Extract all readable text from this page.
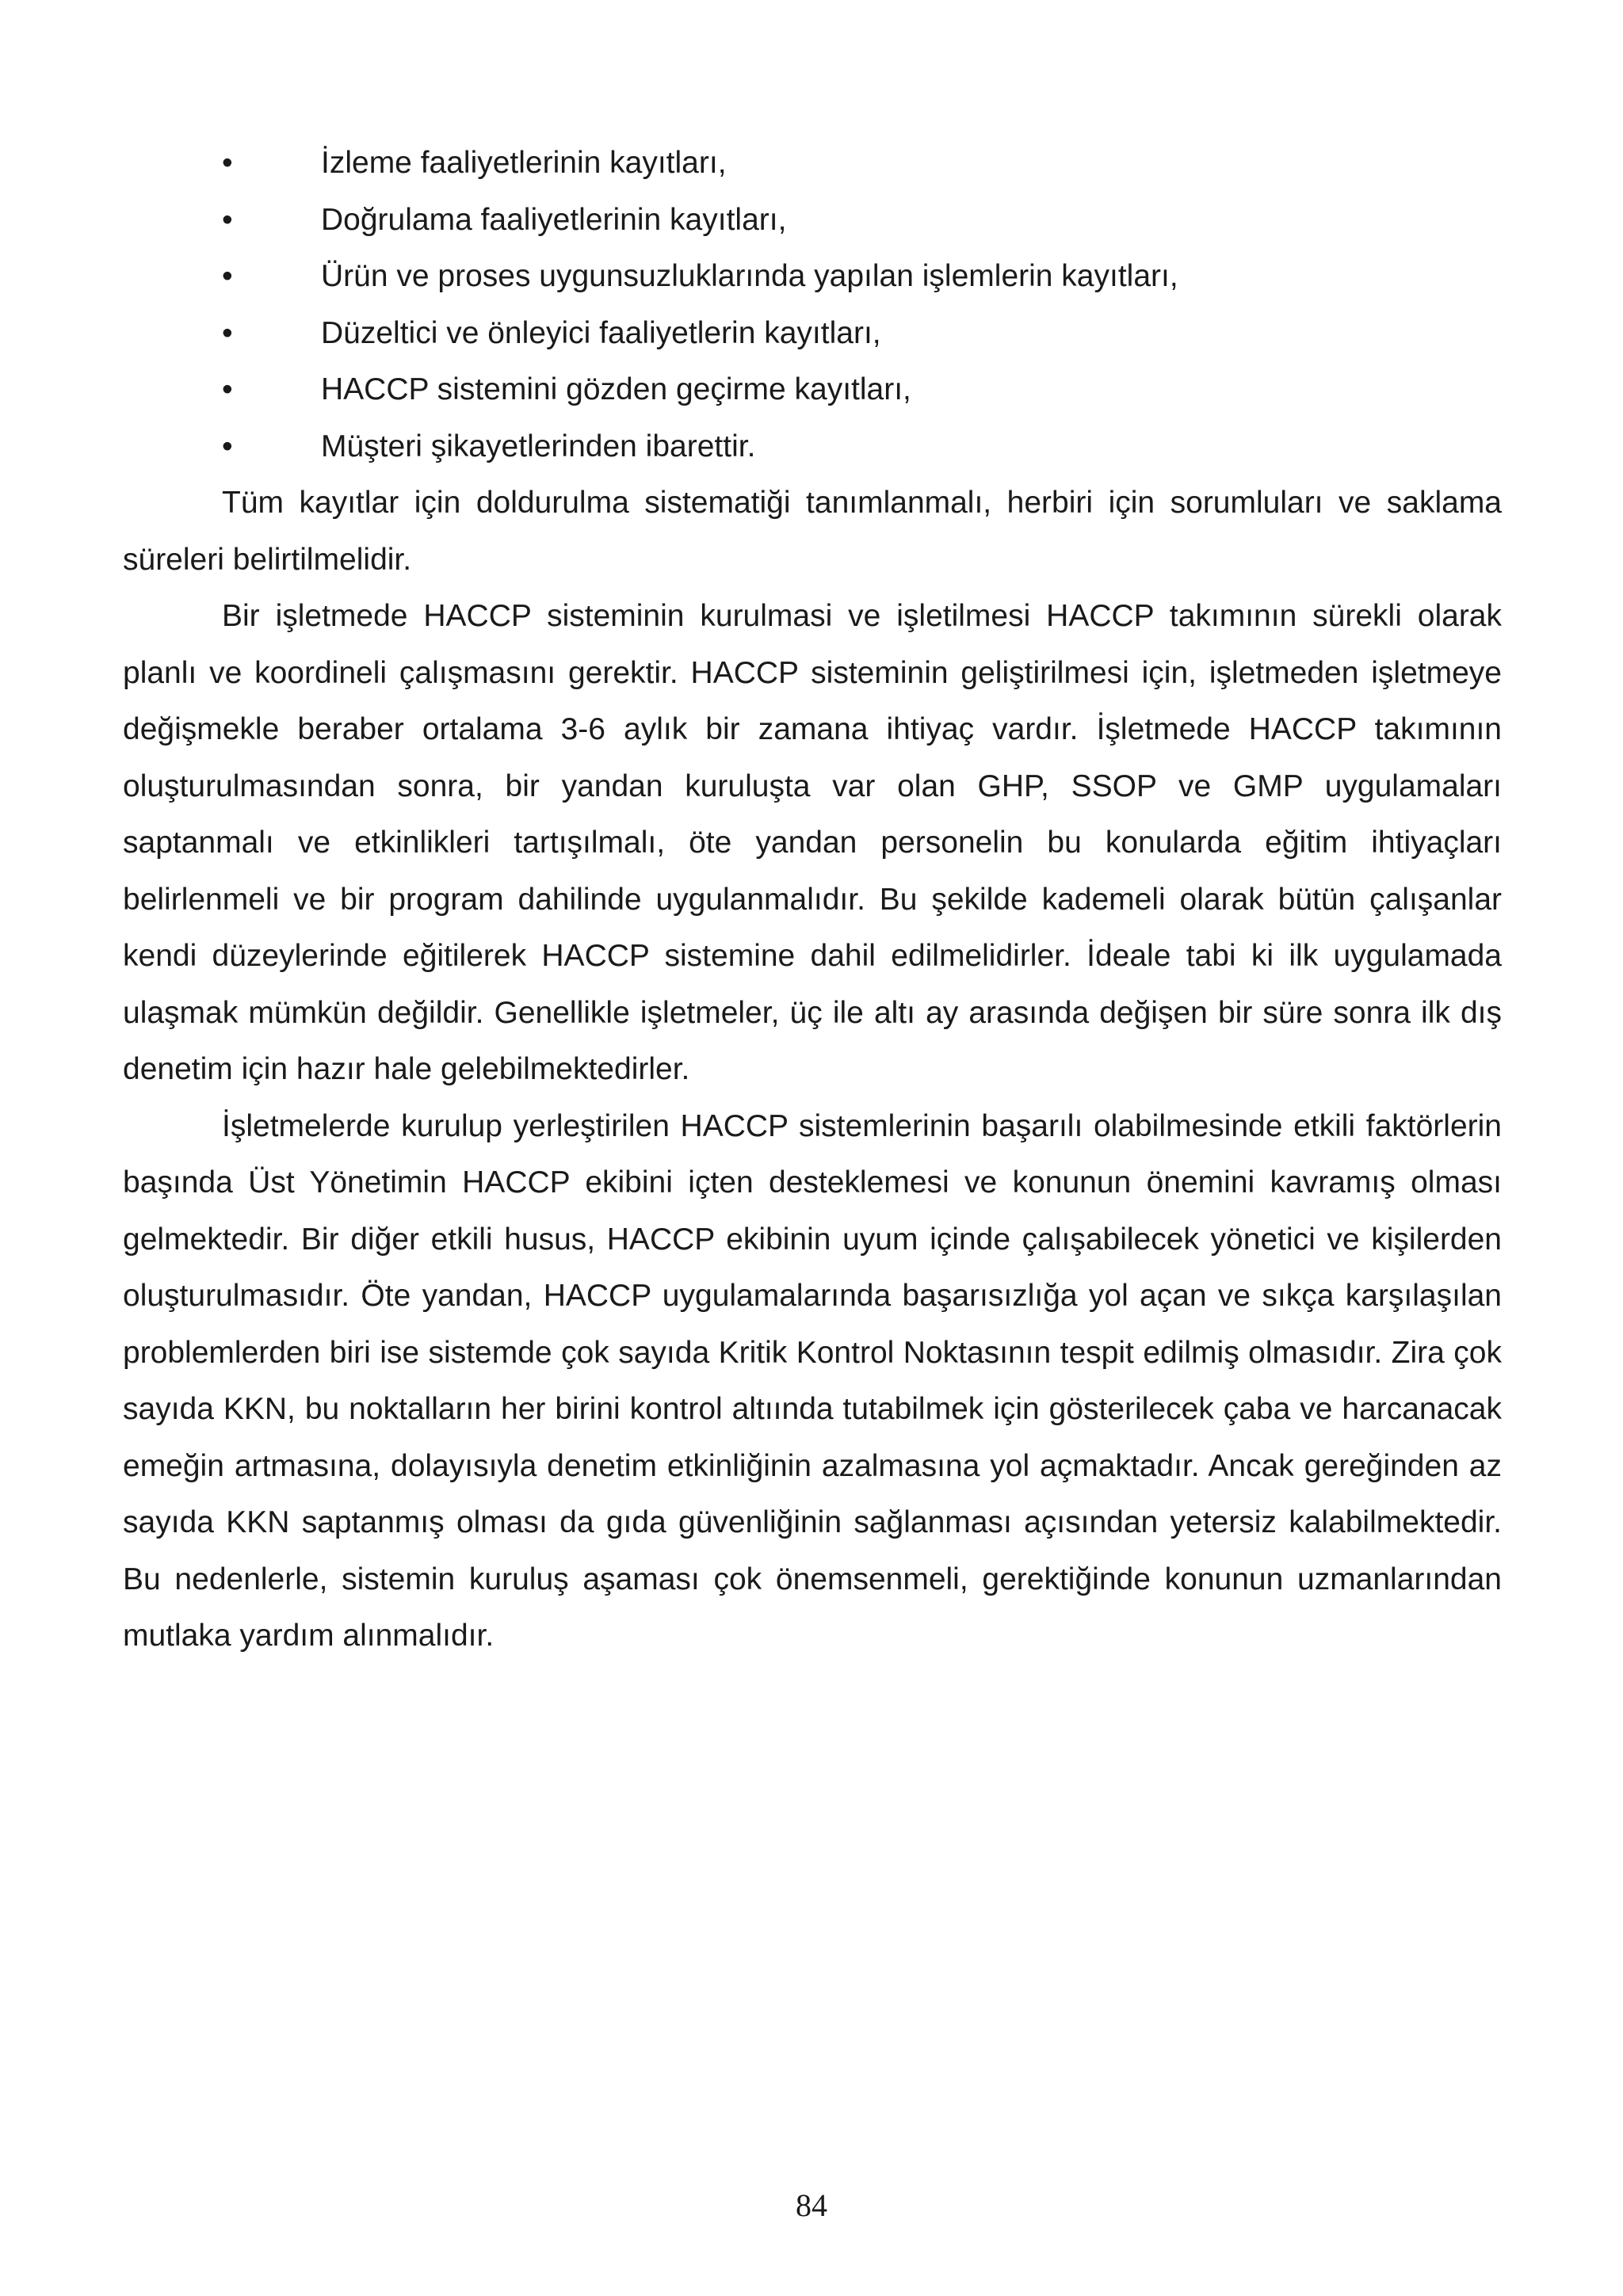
•	İzleme faaliyetlerinin kayıtları,
•	Doğrulama faaliyetlerinin kayıtları,
•	Ürün ve proses uygunsuzluklarında yapılan işlemlerin kayıtları,
•	Düzeltici ve önleyici faaliyetlerin kayıtları,
•	HACCP sistemini gözden geçirme kayıtları,
•	Müşteri şikayetlerinden ibarettir.

Tüm kayıtlar için doldurulma sistematiği tanımlanmalı, herbiri için sorumluları ve saklama süreleri belirtilmelidir.

Bir işletmede HACCP sisteminin kurulmasi ve işletilmesi HACCP takımının sürekli olarak planlı ve koordineli çalışmasını gerektir. HACCP sisteminin geliştirilmesi için, işletmeden işletmeye değişmekle beraber ortalama 3-6 aylık bir zamana ihtiyaç vardır. İşletmede HACCP takımının oluşturulmasından sonra, bir yandan kuruluşta var olan GHP, SSOP ve GMP uygulamaları saptanmalı ve etkinlikleri tartışılmalı, öte yandan personelin bu konularda eğitim ihtiyaçları belirlenmeli ve bir program dahilinde uygulanmalıdır. Bu şekilde kademeli olarak bütün çalışanlar kendi düzeylerinde eğitilerek HACCP sistemine dahil edilmelidirler. İdeale tabi ki ilk uygulamada ulaşmak mümkün değildir. Genellikle işletmeler, üç ile altı ay arasında değişen bir süre sonra ilk dış denetim için hazır hale gelebilmektedirler.

İşletmelerde kurulup yerleştirilen HACCP sistemlerinin başarılı olabilmesinde etkili faktörlerin başında Üst Yönetimin HACCP ekibini içten desteklemesi ve konunun önemini kavramış olması gelmektedir. Bir diğer etkili husus, HACCP ekibinin uyum içinde çalışabilecek yönetici ve kişilerden oluşturulmasıdır. Öte yandan, HACCP uygulamalarında başarısızlığa yol açan ve sıkça karşılaşılan problemlerden biri ise sistemde çok sayıda Kritik Kontrol Noktasının tespit edilmiş olmasıdır. Zira çok sayıda KKN, bu noktalların her birini kontrol altıında tutabilmek için gösterilecek çaba ve harcanacak emeğin artmasına, dolayısıyla denetim etkinliğinin azalmasına yol açmaktadır. Ancak gereğinden az sayıda KKN saptanmış olması da gıda güvenliğinin sağlanması açısından yetersiz kalabilmektedir. Bu nedenlerle, sistemin kuruluş aşaması çok önemsenmeli, gerektiğinde konunun uzmanlarından mutlaka yardım alınmalıdır.

84
